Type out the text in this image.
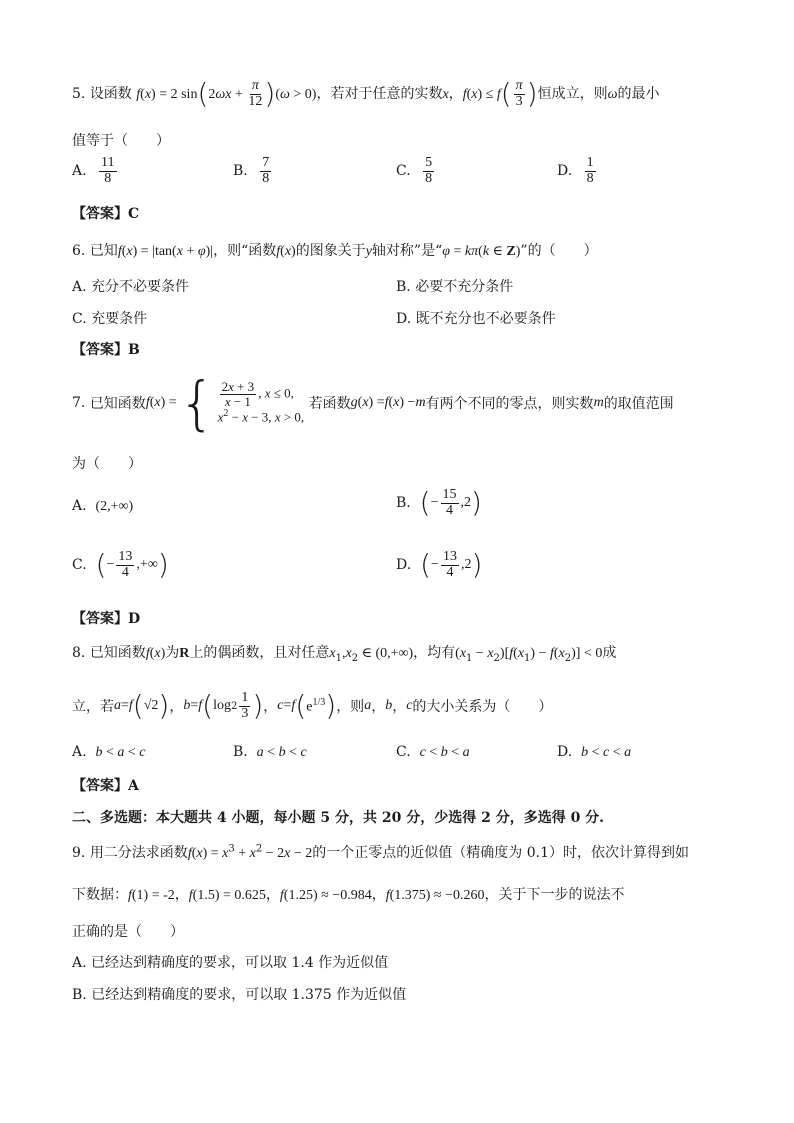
5. 设函数 f(x) = 2 $\sin(2\omega x + \frac{\pi}{12} )(\omega > 0)$，若对于任意的实数x，$f(x) \le f( \frac{\pi}{3}$ )恒成立，则ω的最小
值等于（　　）
A. $\frac{11}{8}$	B. $\frac{7}{8}$	C. $\frac{5}{8}$	D. $\frac{1}{8}$
【答案】C
6. 已知f(x) = |tan(x + φ)|，则“函数f(x)的图象关于y轴对称”是“φ = kπ(k ∈ Z)”的（　　）
A. 充分不必要条件	B. 必要不充分条件
C. 充要条件	D. 既不充分也不必要条件
【答案】B
7.
已知函数 f ( x ) = { $\frac{2x + 3}{x - 1}$ , x ≤ 0,
$x^2 - x - 3$, x > 0,

若函数 g ( x ) = f ( x ) − m 有两个不同的零点，则实数 m 的取值范围
为（　　）
A. (2,+∞)	B.
( − $\frac{15}{4} ,2$ )
C.
( − $\frac{13}{4}$ ,+∞ )	D.
( − $\frac{13}{4} ,2$ )
【答案】D
8. 已知函数f(x)为R上的偶函数，且对任意$x_1,x_2$ ∈ (0,+∞)，均有$(x_1 - x_2)[f(x_1) - f(x_2)] < 0$成
立，若 a = f ( √2 ) ， b = f ( $\log 2 \frac{1}{3}$ ) ， c = f ( $e^{1/3}$ ) ，则 a ， b ， c 的大小关系为（　　）
A. b < a < c	B. a < b < c	C. c < b < a	D. b < c < a
【答案】A
二、多选题：本大题共 4 小题，每小题 5 分，共 20 分，少选得 2 分，多选得 0 分.
9. 用二分法求函数$f(x) = x^3 + x^2 - 2x - 2$的一个正零点的近似值（精确度为 0.1）时，依次计算得到如
下数据：f(1) = -2，f(1.5) = 0.625，f(1.25) ≈ −0.984，f(1.375) ≈ −0.260，关于下一步的说法不
正确的是（　　）
A. 已经达到精确度的要求，可以取 1.4 作为近似值
B. 已经达到精确度的要求，可以取 1.375 作为近似值
